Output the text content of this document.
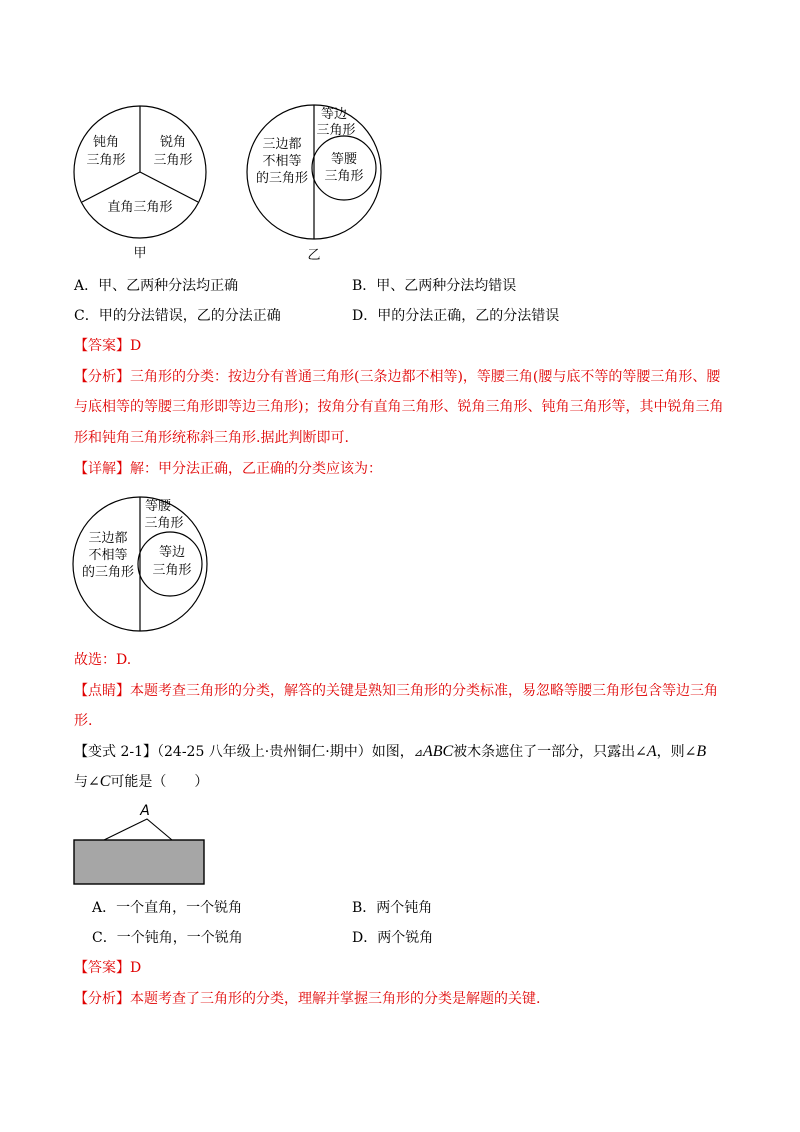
钝角
三角形
锐角
三角形
直角三角形
甲
等边
三角形
三边都
不相等
的三角形
等腰
三角形
乙
A．甲、乙两种分法均正确	B．甲、乙两种分法均错误
C．甲的分法错误，乙的分法正确	D．甲的分法正确，乙的分法错误
【答案】D
【分析】三角形的分类：按边分有普通三角形(三条边都不相等)，等腰三角(腰与底不等的等腰三角形、腰
与底相等的等腰三角形即等边三角形)；按角分有直角三角形、锐角三角形、钝角三角形等，其中锐角三角
形和钝角三角形统称斜三角形.据此判断即可.
【详解】解：甲分法正确，乙正确的分类应该为：
等腰
三角形
三边都
不相等
的三角形
等边
三角形
故选：D.
【点睛】本题考查三角形的分类，解答的关键是熟知三角形的分类标准，易忽略等腰三角形包含等边三角
形.
【变式 2-1】（24-25 八年级上·贵州铜仁·期中）如图，⊿ABC被木条遮住了一部分，只露出∠A，则∠B
与∠C可能是（　　）
A
A．一个直角，一个锐角	B．两个钝角
C．一个钝角，一个锐角	D．两个锐角
【答案】D
【分析】本题考查了三角形的分类，理解并掌握三角形的分类是解题的关键.
